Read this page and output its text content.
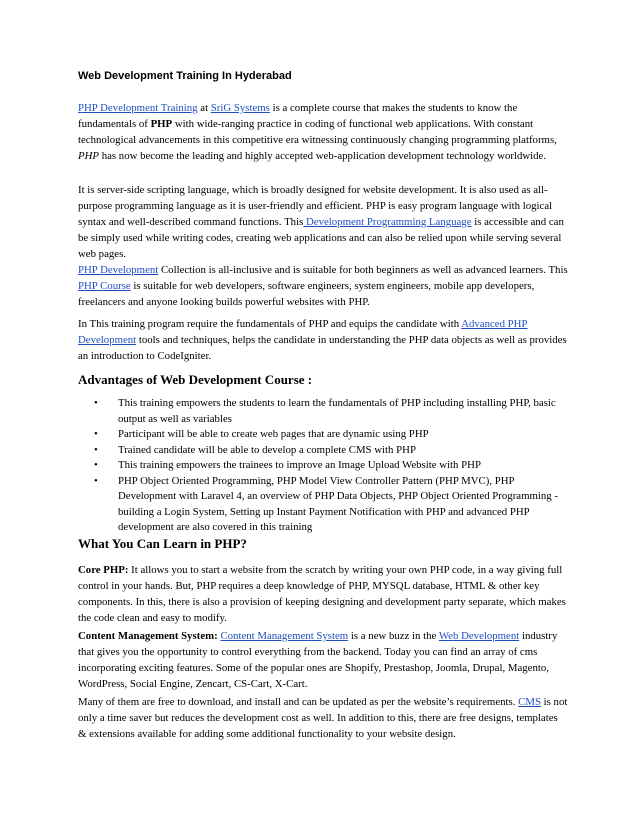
Web Development Training In Hyderabad
PHP Development Training at SriG Systems is a complete course that makes the students to know the fundamentals of PHP with wide-ranging practice in coding of functional web applications. With constant technological advancements in this competitive era witnessing continuously changing programming platforms, PHP has now become the leading and highly accepted web-application development technology worldwide.
It is server-side scripting language, which is broadly designed for website development. It is also used as all-purpose programming language as it is user-friendly and efficient. PHP is easy program language with logical syntax and well-described command functions. This Development Programming Language is accessible and can be simply used while writing codes, creating web applications and can also be relied upon while serving several web pages.
PHP Development Collection is all-inclusive and is suitable for both beginners as well as advanced learners. This PHP Course is suitable for web developers, software engineers, system engineers, mobile app developers, freelancers and anyone looking builds powerful websites with PHP.
In This training program require the fundamentals of PHP and equips the candidate with Advanced PHP Development tools and techniques, helps the candidate in understanding the PHP data objects as well as provides an introduction to CodeIgniter.
Advantages of Web Development Course :
• This training empowers the students to learn the fundamentals of PHP including installing PHP, basic output as well as variables
• Participant will be able to create web pages that are dynamic using PHP
• Trained candidate will be able to develop a complete CMS with PHP
• This training empowers the trainees to improve an Image Upload Website with PHP
• PHP Object Oriented Programming, PHP Model View Controller Pattern (PHP MVC), PHP Development with Laravel 4, an overview of PHP Data Objects, PHP Object Oriented Programming - building a Login System, Setting up Instant Payment Notification with PHP and advanced PHP development are also covered in this training
What You Can Learn in PHP?
Core PHP: It allows you to start a website from the scratch by writing your own PHP code, in a way giving full control in your hands. But, PHP requires a deep knowledge of PHP, MYSQL database, HTML & other key components. In this, there is also a provision of keeping designing and development party separate, which makes the code clean and easy to modify.
Content Management System: Content Management System is a new buzz in the Web Development industry that gives you the opportunity to control everything from the backend. Today you can find an array of cms incorporating exciting features. Some of the popular ones are Shopify, Prestashop, Joomla, Drupal, Magento, WordPress, Social Engine, Zencart, CS-Cart, X-Cart.
Many of them are free to download, and install and can be updated as per the website’s requirements. CMS is not only a time saver but reduces the development cost as well. In addition to this, there are free designs, templates & extensions available for adding some additional functionality to your website design.
